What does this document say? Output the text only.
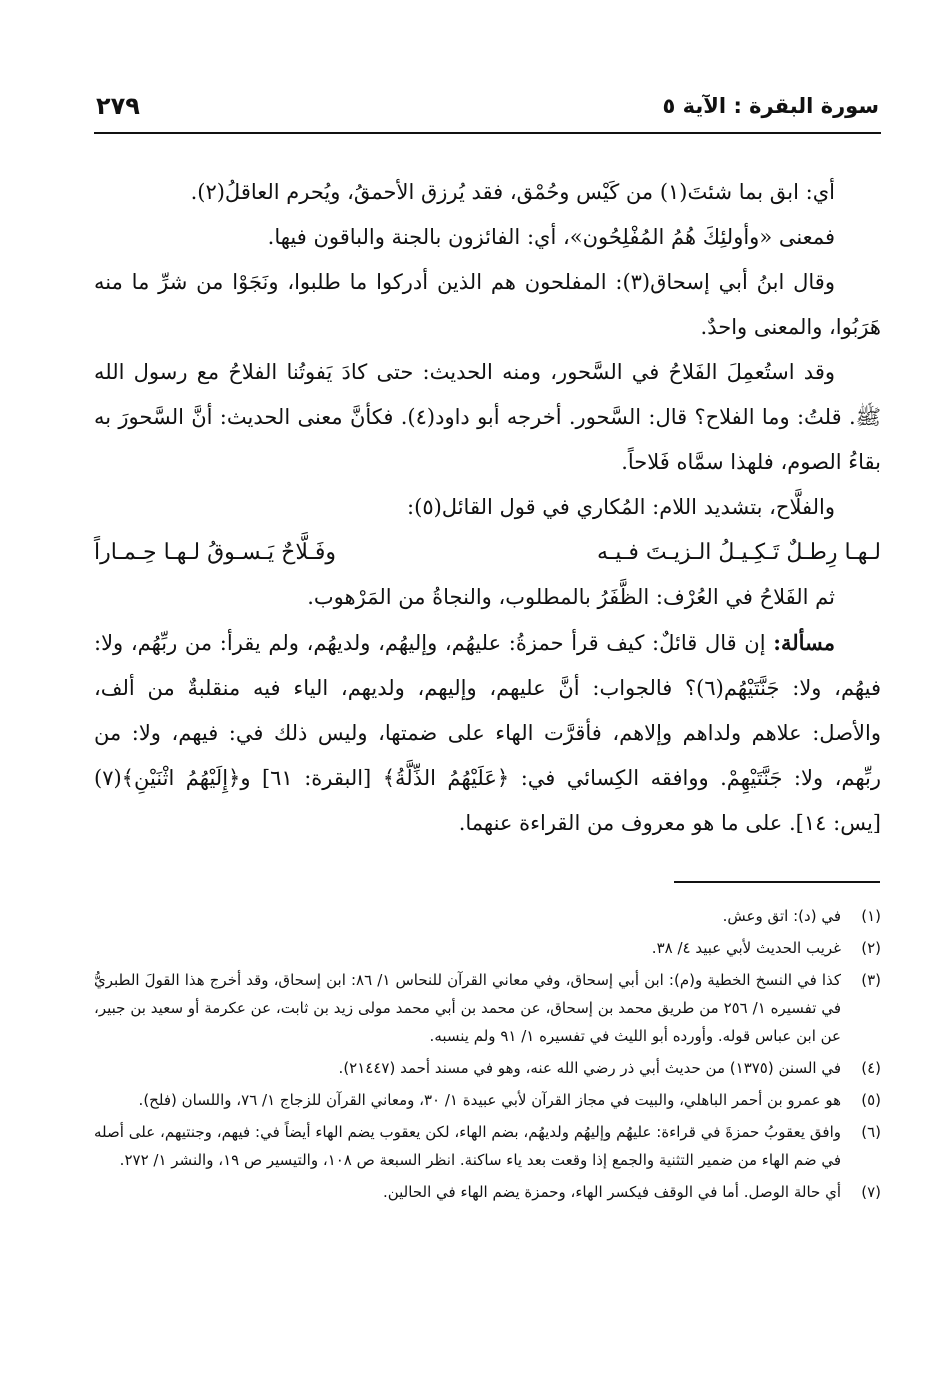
سورة البقرة : الآية ٥
٢٧٩

أي: ابق بما شئتَ(١) من كَيْس وحُمْق، فقد يُرزق الأحمقُ، ويُحرم العاقلُ(٢).

فمعنى «وأولئِكَ هُمُ المُفْلِحُون»، أي: الفائزون بالجنة والباقون فيها.

وقال ابنُ أبي إسحاق(٣): المفلحون هم الذين أدركوا ما طلبوا، ونَجَوْا من شرِّ ما منه هَرَبُوا، والمعنى واحدٌ.

وقد استُعمِلَ الفَلاحُ في السَّحور، ومنه الحديث: حتى كادَ يَفوتُنا الفلاحُ مع رسول الله ﷺ. قلتُ: وما الفلاح؟ قال: السَّحور. أخرجه أبو داود(٤). فكأنَّ معنى الحديث: أنَّ السَّحورَ به بقاءُ الصوم، فلهذا سمَّاه فَلاحاً.

والفلَّاح، بتشديد اللام: المُكاري في قول القائل(٥):

لـهـا رِطـلٌ تَـكِـيـلُ الـزيـتَ فـيـه
وفَـلَّاحٌ يَـسـوقُ لـهـا حِـمـاراً

ثم الفَلاحُ في العُرْف: الظَّفَرُ بالمطلوب، والنجاةُ من المَرْهوب.

مسألة: إن قال قائلٌ: كيف قرأ حمزةُ: عليهُم، وإليهُم، ولديهُم، ولم يقرأ: من ربِّهُم، ولا: فيهُم، ولا: جَنَّتَيْهُم(٦)؟ فالجواب: أنَّ عليهم، وإليهم، ولديهم، الياء فيه منقلبةٌ من ألف، والأصل: علاهم ولداهم وإلاهم، فأقرَّت الهاء على ضمتها، وليس ذلك في: فيهم، ولا: من ربِّهم، ولا: جَنَّتَيْهِمْ. ووافقه الكِسائي في: ﴿عَلَيْهُمُ الذِّلَّةُ﴾ [البقرة: ٦١] و﴿إِلَيْهُمُ اثْنَيْنِ﴾(٧) [يس: ١٤]. على ما هو معروف من القراءة عنهما.

(١)
في (د): اتق وعش.
(٢)
غريب الحديث لأبي عبيد ٤/ ٣٨.
(٣)
كذا في النسخ الخطية و(م): ابن أبي إسحاق، وفي معاني القرآن للنحاس ١/ ٨٦: ابن إسحاق، وقد أخرج هذا القولَ الطبريُّ في تفسيره ١/ ٢٥٦ من طريق محمد بن إسحاق، عن محمد بن أبي محمد مولى زيد بن ثابت، عن عكرمة أو سعيد بن جبير، عن ابن عباس قوله. وأورده أبو الليث في تفسيره ١/ ٩١ ولم ينسبه.
(٤)
في السنن (١٣٧٥) من حديث أبي ذر رضي الله عنه، وهو في مسند أحمد (٢١٤٤٧).
(٥)
هو عمرو بن أحمر الباهلي، والبيت في مجاز القرآن لأبي عبيدة ١/ ٣٠، ومعاني القرآن للزجاج ١/ ٧٦، واللسان (فلح).
(٦)
وافق يعقوبُ حمزةَ في قراءة: عليهُم وإليهُم ولديهُم، بضم الهاء، لكن يعقوب يضم الهاء أيضاً في: فيهم، وجنتيهم، على أصله في ضم الهاء من ضمير التثنية والجمع إذا وقعت بعد ياء ساكنة. انظر السبعة ص ١٠٨، والتيسير ص ١٩، والنشر ١/ ٢٧٢.
(٧)
أي حالة الوصل. أما في الوقف فيكسر الهاء، وحمزة يضم الهاء في الحالين.
